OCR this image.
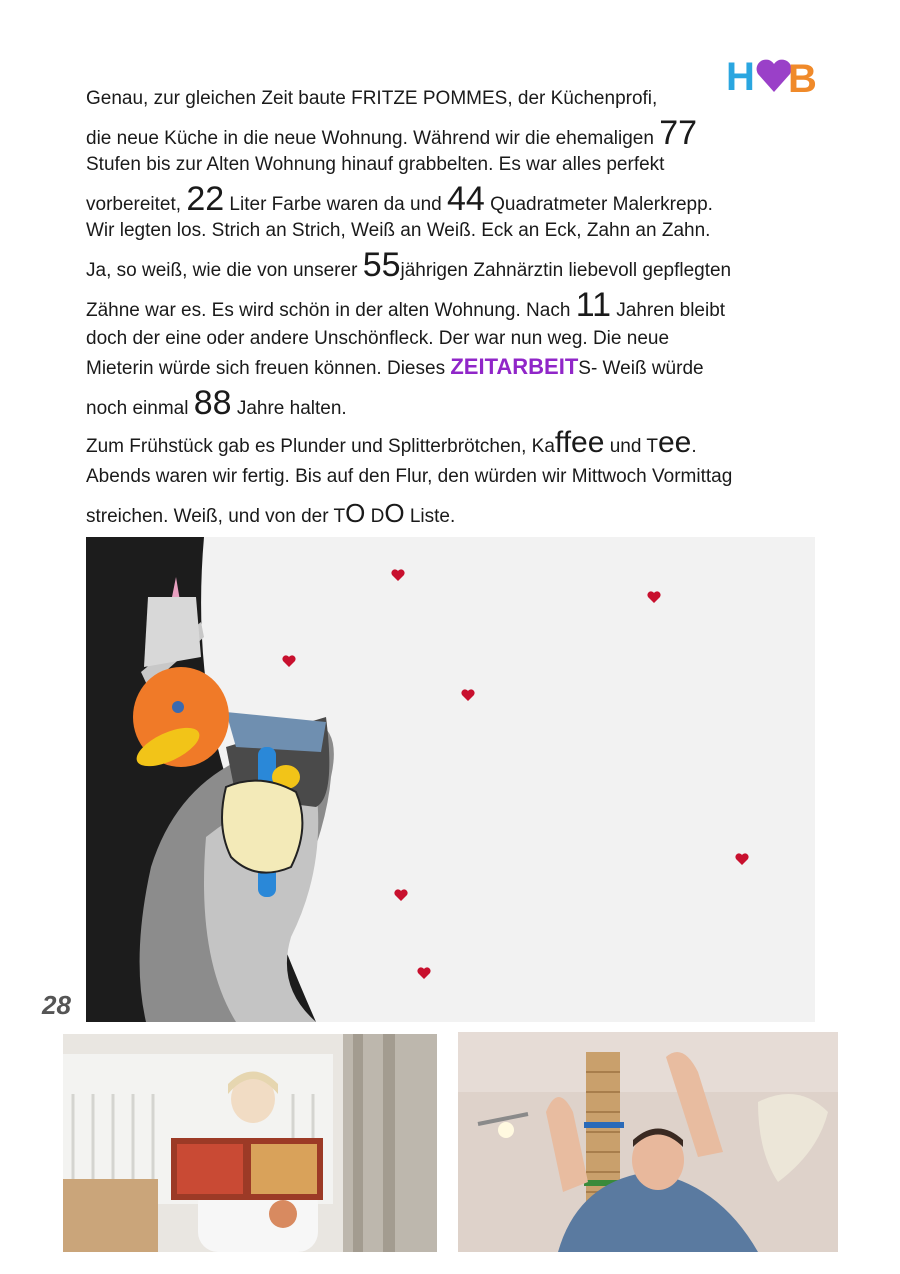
H B
Genau, zur gleichen Zeit baute FRITZE POMMES, der Küchenprofi,
die neue Küche in die neue Wohnung. Während wir die ehemaligen 77
Stufen bis zur Alten Wohnung hinauf grabbelten. Es war alles perfekt
vorbereitet, 22 Liter Farbe waren da und 44 Quadratmeter Malerkrepp.
Wir legten los. Strich an Strich, Weiß an Weiß. Eck an Eck, Zahn an Zahn.
Ja, so weiß, wie die von unserer 55jährigen Zahnärztin liebevoll gepflegten
Zähne war es. Es wird schön in der alten Wohnung. Nach 11 Jahren bleibt
doch der eine oder andere Unschönfleck. Der war nun weg. Die neue
Mieterin würde sich freuen können. Dieses ZEITARBEITS- Weiß würde
noch einmal 88 Jahre halten.
Zum Frühstück gab es Plunder und Splitterbrötchen, Kaffee und Tee.
Abends waren wir fertig. Bis auf den Flur, den würden wir Mittwoch Vormittag
streichen. Weiß, und von der TO DO Liste.
28
